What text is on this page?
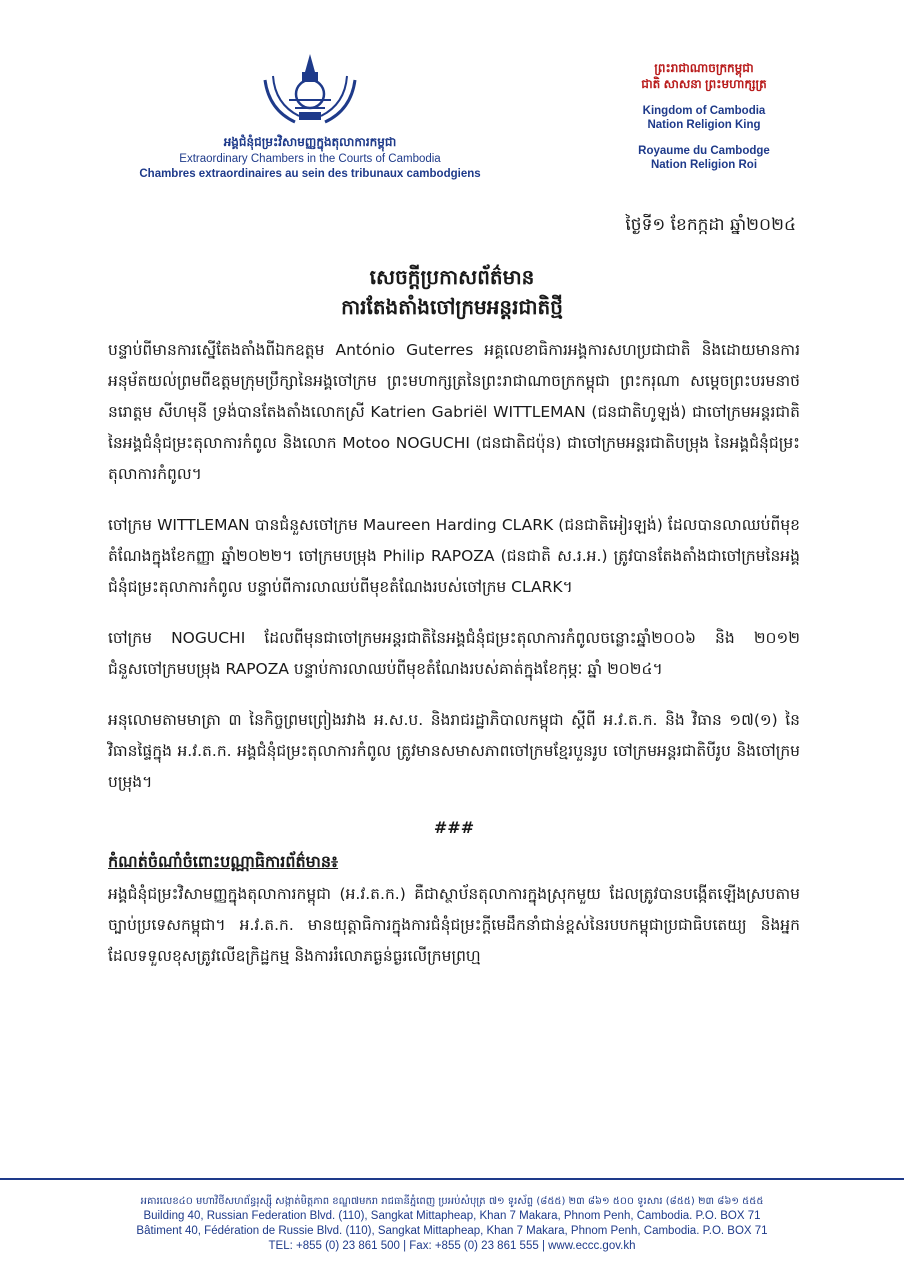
អង្គជំនុំជម្រះវិសាមញ្ញក្នុងតុលាការកម្ពុជា
Extraordinary Chambers in the Courts of Cambodia
Chambres extraordinaires au sein des tribunaux cambodgiens
ព្រះរាជាណាចក្រកម្ពុជា
ជាតិ សាសនា ព្រះមហាក្សត្រ
Kingdom of Cambodia
Nation Religion King
Royaume du Cambodge
Nation Religion Roi
ថ្ងៃទី១ ខែកក្កដា ឆ្នាំ២០២៤
សេចក្តីប្រកាសព័ត៌មាន
ការតែងតាំងចៅក្រមអន្តរជាតិថ្មី

បន្ទាប់ពីមានការស្នើតែងតាំងពីឯកឧត្តម António Guterres អគ្គលេខាធិការអង្គការសហប្រជាជាតិ និងដោយមានការអនុម័តយល់ព្រមពីឧត្តមក្រុមប្រឹក្សានៃអង្គចៅក្រម ព្រះមហាក្សត្រនៃព្រះរាជាណាចក្រកម្ពុជា ព្រះករុណា សម្តេចព្រះបរមនាថ នរោត្តម សីហមុនី ទ្រង់បានតែងតាំងលោកស្រី Katrien Gabriël WITTLEMAN (ជនជាតិហូឡង់) ជាចៅក្រមអន្តរជាតិ នៃអង្គជំនុំជម្រះតុលាការកំពូល និងលោក Motoo NOGUCHI (ជនជាតិជប៉ុន) ជាចៅក្រមអន្តរជាតិបម្រុង នៃអង្គជំនុំជម្រះតុលាការកំពូល។

ចៅក្រម WITTLEMAN បានជំនួសចៅក្រម Maureen Harding CLARK (ជនជាតិអៀរឡង់) ដែលបានលាឈប់ពីមុខតំណែងក្នុងខែកញ្ញា ឆ្នាំ២០២២។ ចៅក្រមបម្រុង Philip RAPOZA (ជនជាតិ ស.រ.អ.) ត្រូវបានតែងតាំងជាចៅក្រមនៃអង្គជំនុំជម្រះតុលាការកំពូល បន្ទាប់ពីការលាឈប់ពីមុខតំណែងរបស់ចៅក្រម CLARK។

ចៅក្រម NOGUCHI ដែលពីមុនជាចៅក្រមអន្តរជាតិនៃអង្គជំនុំជម្រះតុលាការកំពូលចន្លោះឆ្នាំ២០០៦ និង ២០១២ ជំនួសចៅក្រមបម្រុង RAPOZA បន្ទាប់ការលាឈប់ពីមុខតំណែងរបស់គាត់ក្នុងខែកុម្ភៈ ឆ្នាំ ២០២៤។

អនុលោមតាមមាត្រា ៣ នៃកិច្ចព្រមព្រៀងរវាង អ.ស.ប. និងរាជរដ្ឋាភិបាលកម្ពុជា ស្តីពី អ.វ.ត.ក. និង វិធាន ១៧(១) នៃវិធានផ្ទៃក្នុង អ.វ.ត.ក. អង្គជំនុំជម្រះតុលាការកំពូល ត្រូវមានសមាសភាពចៅក្រមខ្មែរបួនរូប ចៅក្រមអន្តរជាតិបីរូប និងចៅក្រមបម្រុង។

###
កំណត់ចំណាំចំពោះបណ្ណាធិការព័ត៌មាន៖

អង្គជំនុំជម្រះវិសាមញ្ញក្នុងតុលាការកម្ពុជា (អ.វ.ត.ក.) គឺជាស្ថាប័នតុលាការក្នុងស្រុកមួយ ដែលត្រូវបានបង្កើតឡើងស្របតាមច្បាប់ប្រទេសកម្ពុជា។ អ.វ.ត.ក. មានយុត្តាធិការក្នុងការជំនុំជម្រះក្តីមេដឹកនាំជាន់ខ្ពស់នៃរបបកម្ពុជាប្រជាធិបតេយ្យ និងអ្នកដែលទទួលខុសត្រូវលើឧក្រិដ្ឋកម្ម និងការរំលោភធ្ងន់ធ្ងរលើក្រមព្រហ្ម

អគារលេខ៤០ មហាវិថីសហព័ន្ធរុស្ស៊ី សង្កាត់មិត្តភាព ខណ្ឌ៧មករា រាជធានីភ្នំពេញ ប្រអប់សំបុត្រ ៧១ ទូរស័ព្ទ (៨៥៥) ២៣ ៨៦១ ៥០០ ទូរសារ (៨៥៥) ២៣ ៨៦១ ៥៥៥
Building 40, Russian Federation Blvd. (110), Sangkat Mittapheap, Khan 7 Makara, Phnom Penh, Cambodia. P.O. BOX 71
Bâtiment 40, Fédération de Russie Blvd. (110), Sangkat Mittapheap, Khan 7 Makara, Phnom Penh, Cambodia. P.O. BOX 71
TEL: +855 (0) 23 861 500 | Fax: +855 (0) 23 861 555 | www.eccc.gov.kh
